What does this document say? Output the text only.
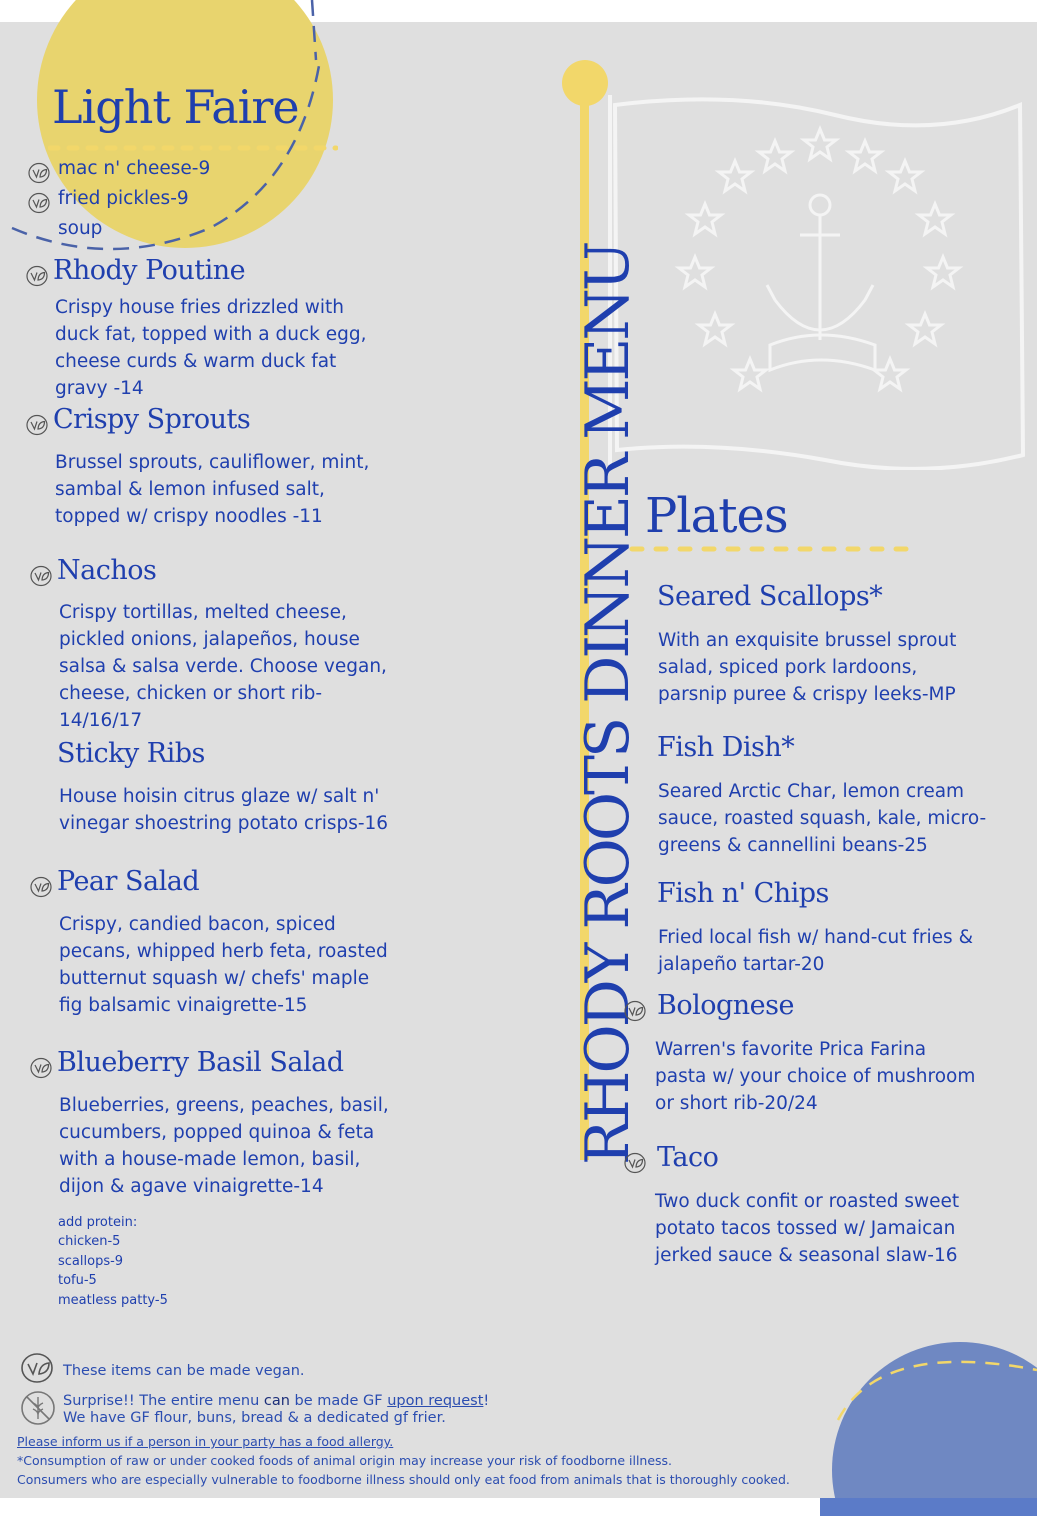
RHODY ROOTS DINNER MENU
Light Faire
mac n' cheese-9
fried pickles-9
soup
Rhody Poutine
Crispy house fries drizzled with
duck fat, topped with a duck egg,
cheese curds & warm duck fat
gravy -14
Crispy Sprouts
Brussel sprouts, cauliflower, mint,
sambal & lemon infused salt,
topped w/ crispy noodles -11
Nachos
Crispy tortillas, melted cheese,
pickled onions, jalapeños, house
salsa & salsa verde. Choose vegan,
cheese, chicken or short rib-
14/16/17
Sticky Ribs
House hoisin citrus glaze w/ salt n'
vinegar shoestring potato crisps-16
Pear Salad
Crispy, candied bacon, spiced
pecans, whipped herb feta, roasted
butternut squash w/ chefs' maple
fig balsamic vinaigrette-15
Blueberry Basil Salad
Blueberries, greens, peaches, basil,
cucumbers, popped quinoa & feta
with a house-made lemon, basil,
dijon & agave vinaigrette-14
add protein:
chicken-5
scallops-9
tofu-5
meatless patty-5
Plates
Seared Scallops*
With an exquisite brussel sprout
salad, spiced pork lardoons,
parsnip puree & crispy leeks-MP
Fish Dish*
Seared Arctic Char, lemon cream
sauce, roasted squash, kale, micro-
greens & cannellini beans-25
Fish n' Chips
Fried local fish w/ hand-cut fries &
jalapeño tartar-20
Bolognese
Warren's favorite Prica Farina
pasta w/ your choice of mushroom
or short rib-20/24
Taco
Two duck confit or roasted sweet
potato tacos tossed w/ Jamaican
jerked sauce & seasonal slaw-16
These items can be made vegan.
Surprise!! The entire menu can be made GF upon request!
We have GF flour, buns, bread & a dedicated gf frier.
Please inform us if a person in your party has a food allergy.
*Consumption of raw or under cooked foods of animal origin may increase your risk of foodborne illness.
Consumers who are especially vulnerable to foodborne illness should only eat food from animals that is thoroughly cooked.
